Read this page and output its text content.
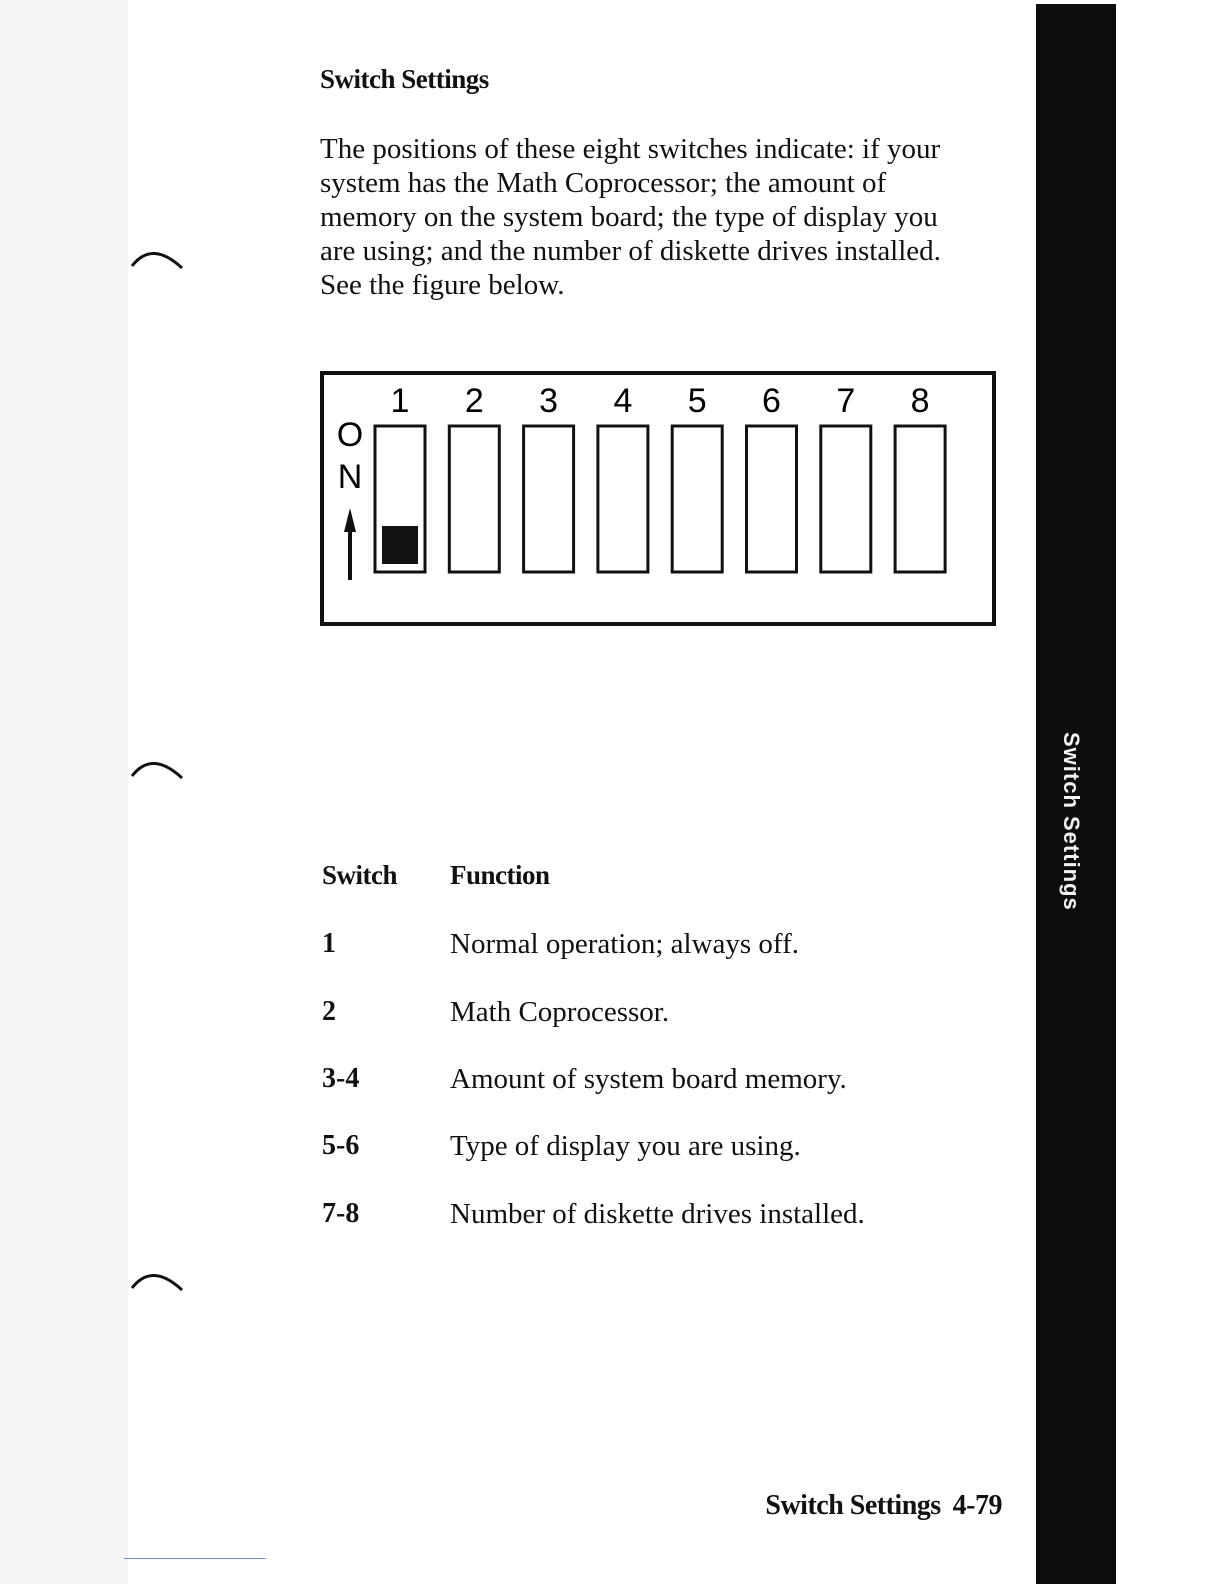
Switch Settings
Switch Settings

The positions of these eight switches indicate: if your system has the Math Coprocessor; the amount of memory on the system board; the type of display you are using; and the number of diskette drives installed. See the figure below.

O
N
1 2 3 4 5 6 7 8
Switch Function
1	Normal operation; always off.
2	Math Coprocessor.
3-4	Amount of system board memory.
5-6	Type of display you are using.
7-8	Number of diskette drives installed.
Switch Settings 4-79
